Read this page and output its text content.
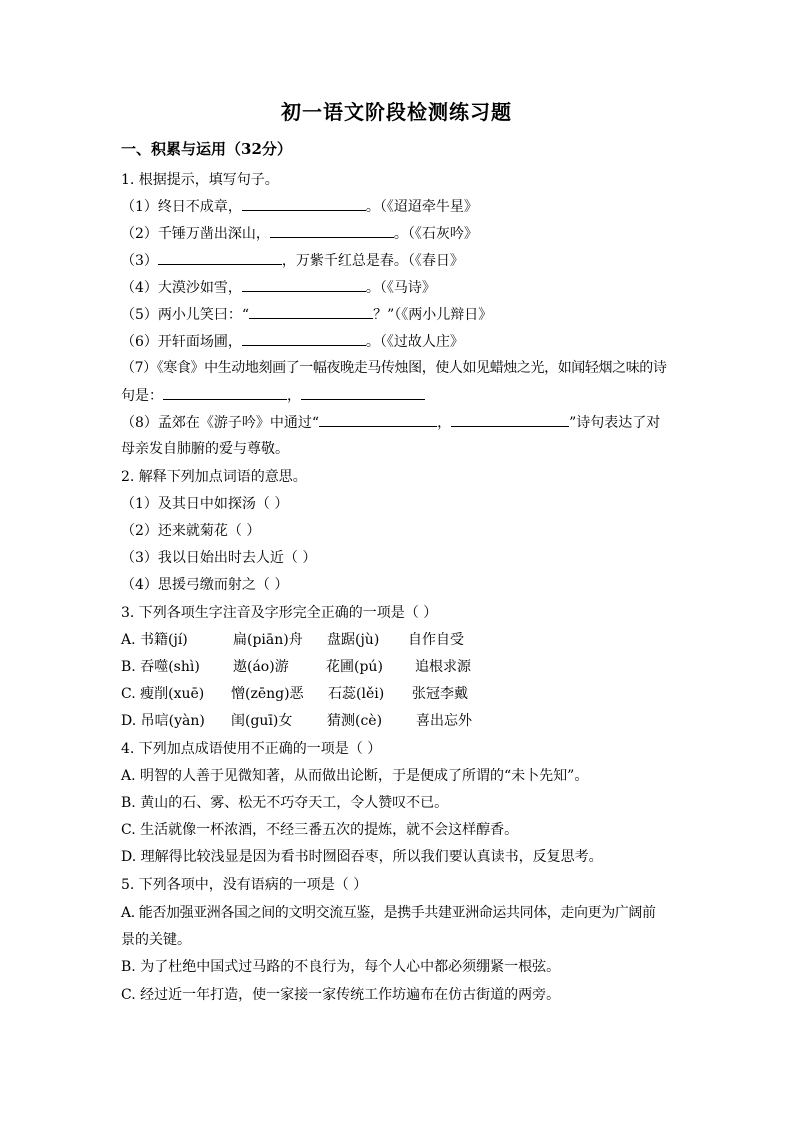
初一语文阶段检测练习题
一、积累与运用（32分）
1. 根据提示，填写句子。
（1）终日不成章，	。（《迢迢牵牛星》
（2）千锤万凿出深山，	。（《石灰吟》
（3）	，万紫千红总是春。（《春日》
（4）大漠沙如雪，	。（《马诗》
（5）两小儿笑曰：“	？”（《两小儿辩日》
（6）开轩面场圃，	。（《过故人庄》
（7）《寒食》中生动地刻画了一幅夜晚走马传烛图，使人如见蜡烛之光，如闻轻烟之味的诗
句是：	，
（8）孟郊在《游子吟》中通过“	，	”诗句表达了对
母亲发自肺腑的爱与尊敬。
2. 解释下列加点词语的意思。
（1）及其日中如探汤（ ）
（2）还来就菊花（ ）
（3）我以日始出时去人近（ ）
（4）思援弓缴而射之（ ）
3. 下列各项生字注音及字形完全正确的一项是（ ）
A. 书籍(jí)	扁(piān)舟 盘踞(jù) 自作自受
B. 吞噬(shì) 遨(áo)游	花圃(pú) 追根求源
C. 瘦削(xuē) 憎(zēng)恶 石蕊(lěi) 张冠李戴
D. 吊唁(yàn) 闺(guī)女 猜测(cè) 喜出忘外
4. 下列加点成语使用不正确的一项是（ ）
A. 明智的人善于见微知著，从而做出论断，于是便成了所谓的“未卜先知”。
B. 黄山的石、雾、松无不巧夺天工，令人赞叹不已。
C. 生活就像一杯浓酒，不经三番五次的提炼，就不会这样醇香。
D. 理解得比较浅显是因为看书时囫囵吞枣，所以我们要认真读书，反复思考。
5. 下列各项中，没有语病的一项是（ ）
A. 能否加强亚洲各国之间的文明交流互鉴，是携手共建亚洲命运共同体，走向更为广阔前
景的关键。
B. 为了杜绝中国式过马路的不良行为，每个人心中都必须绷紧一根弦。
C. 经过近一年打造，使一家接一家传统工作坊遍布在仿古街道的两旁。
